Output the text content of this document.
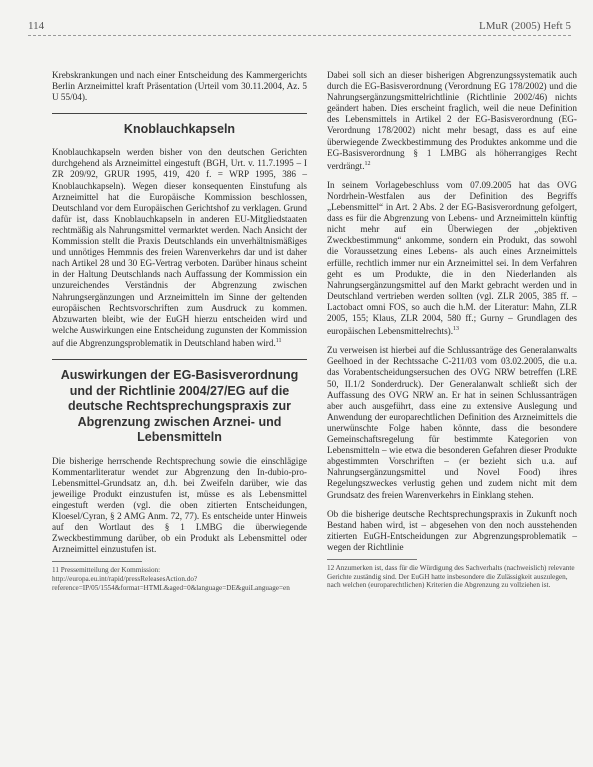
114	LMuR (2005) Heft 5

Krebskrankungen und nach einer Entscheidung des Kammergerichts Berlin Arzneimittel kraft Präsentation (Urteil vom 30.11.2004, Az. 5 U 55/04).

Knoblauchkapseln

Knoblauchkapseln werden bisher von den deutschen Gerichten durchgehend als Arzneimittel eingestuft (BGH, Urt. v. 11.7.1995 – I ZR 209/92, GRUR 1995, 419, 420 f. = WRP 1995, 386 – Knoblauchkapseln). Wegen dieser konsequenten Einstufung als Arzneimittel hat die Europäische Kommission beschlossen, Deutschland vor dem Europäischen Gerichtshof zu verklagen. Grund dafür ist, dass Knoblauchkapseln in anderen EU-Mitgliedstaaten rechtmäßig als Nahrungsmittel vermarktet werden. Nach Ansicht der Kommission stellt die Praxis Deutschlands ein unverhältnismäßiges und unnötiges Hemmnis des freien Warenverkehrs dar und ist daher nach Artikel 28 und 30 EG-Vertrag verboten. Darüber hinaus scheint in der Haltung Deutschlands nach Auffassung der Kommission ein unzureichendes Verständnis der Abgrenzung zwischen Nahrungsergänzungen und Arzneimitteln im Sinne der geltenden europäischen Rechtsvorschriften zum Ausdruck zu kommen. Abzuwarten bleibt, wie der EuGH hierzu entscheiden wird und welche Auswirkungen eine Entscheidung zugunsten der Kommission auf die Abgrenzungsproblematik in Deutschland haben wird.$^{11}$

Auswirkungen der EG-Basisverordnung und der Richtlinie 2004/27/EG auf die deutsche Rechtsprechungspraxis zur Abgrenzung zwischen Arznei- und Lebensmitteln

Die bisherige herrschende Rechtsprechung sowie die einschlägige Kommentarliteratur wendet zur Abgrenzung den In-dubio-pro-Lebensmittel-Grundsatz an, d.h. bei Zweifeln darüber, wie das jeweilige Produkt einzustufen ist, müsse es als Lebensmittel eingestuft werden (vgl. die oben zitierten Entscheidungen, Kloesel/Cyran, § 2 AMG Anm. 72, 77). Es entscheide unter Hinweis auf den Wortlaut des § 1 LMBG die überwiegende Zweckbestimmung darüber, ob ein Produkt als Lebensmittel oder Arzneimittel einzustufen ist.

11 Pressemitteilung der Kommission: http://europa.eu.int/rapid/pressReleasesAction.do?reference=IP/05/1554&format=HTML&aged=0&language=DE&guiLanguage=en

Dabei soll sich an dieser bisherigen Abgrenzungssystematik auch durch die EG-Basisverordnung (Verordnung EG 178/2002) und die Nahrungsergänzungsmittelrichtlinie (Richtlinie 2002/46) nichts geändert haben. Dies erscheint fraglich, weil die neue Definition des Lebensmittels in Artikel 2 der EG-Basisverordnung (EG-Verordnung 178/2002) nicht mehr besagt, dass es auf eine überwiegende Zweckbestimmung des Produktes ankomme und die EG-Basisverordnung § 1 LMBG als höherrangiges Recht verdrängt.$^{12}$

In seinem Vorlagebeschluss vom 07.09.2005 hat das OVG Nordrhein-Westfalen aus der Definition des Begriffs „Lebensmittel“ in Art. 2 Abs. 2 der EG-Basisverordnung gefolgert, dass es für die Abgrenzung von Lebens- und Arzneimitteln künftig nicht mehr auf ein Überwiegen der „objektiven Zweckbestimmung“ ankomme, sondern ein Produkt, das sowohl die Voraussetzung eines Lebens- als auch eines Arzneimittels erfülle, rechtlich immer nur ein Arzneimittel sei. In dem Verfahren geht es um Produkte, die in den Niederlanden als Nahrungsergänzungsmittel auf den Markt gebracht werden und in Deutschland vertrieben werden sollten (vgl. ZLR 2005, 385 ff. – Lactobact omni FOS, so auch die h.M. der Literatur: Mahn, ZLR 2005, 155; Klaus, ZLR 2004, 580 ff.; Gurny – Grundlagen des europäischen Lebensmittelrechts).$^{13}$

Zu verweisen ist hierbei auf die Schlussanträge des Generalanwalts Geelhoed in der Rechtssache C-211/03 vom 03.02.2005, die u.a. das Vorabentscheidungsersuchen des OVG NRW betreffen (LRE 50, II.1/2 Sonderdruck). Der Generalanwalt schließt sich der Auffassung des OVG NRW an. Er hat in seinen Schlussanträgen aber auch ausgeführt, dass eine zu extensive Auslegung und Anwendung der europarechtlichen Definition des Arzneimittels die unerwünschte Folge haben könnte, dass die besondere Gemeinschaftsregelung für bestimmte Kategorien von Lebensmitteln – wie etwa die besonderen Gefahren dieser Produkte abgestimmten Vorschriften – (er bezieht sich u.a. auf Nahrungsergänzungsmittel und Novel Food) ihres Regelungszweckes verlustig gehen und zudem nicht mit dem Grundsatz des freien Warenverkehrs in Einklang stehen.

Ob die bisherige deutsche Rechtsprechungspraxis in Zukunft noch Bestand haben wird, ist – abgesehen von den noch ausstehenden zitierten EuGH-Entscheidungen zur Abgrenzungsproblematik – wegen der Richtlinie

12 Anzumerken ist, dass für die Würdigung des Sachverhalts (nachweislich) relevante Gerichte zuständig sind. Der EuGH hatte insbesondere die Zulässigkeit auszulegen, nach welchen (europarechtlichen) Kriterien die Abgrenzung zu vollziehen ist.
